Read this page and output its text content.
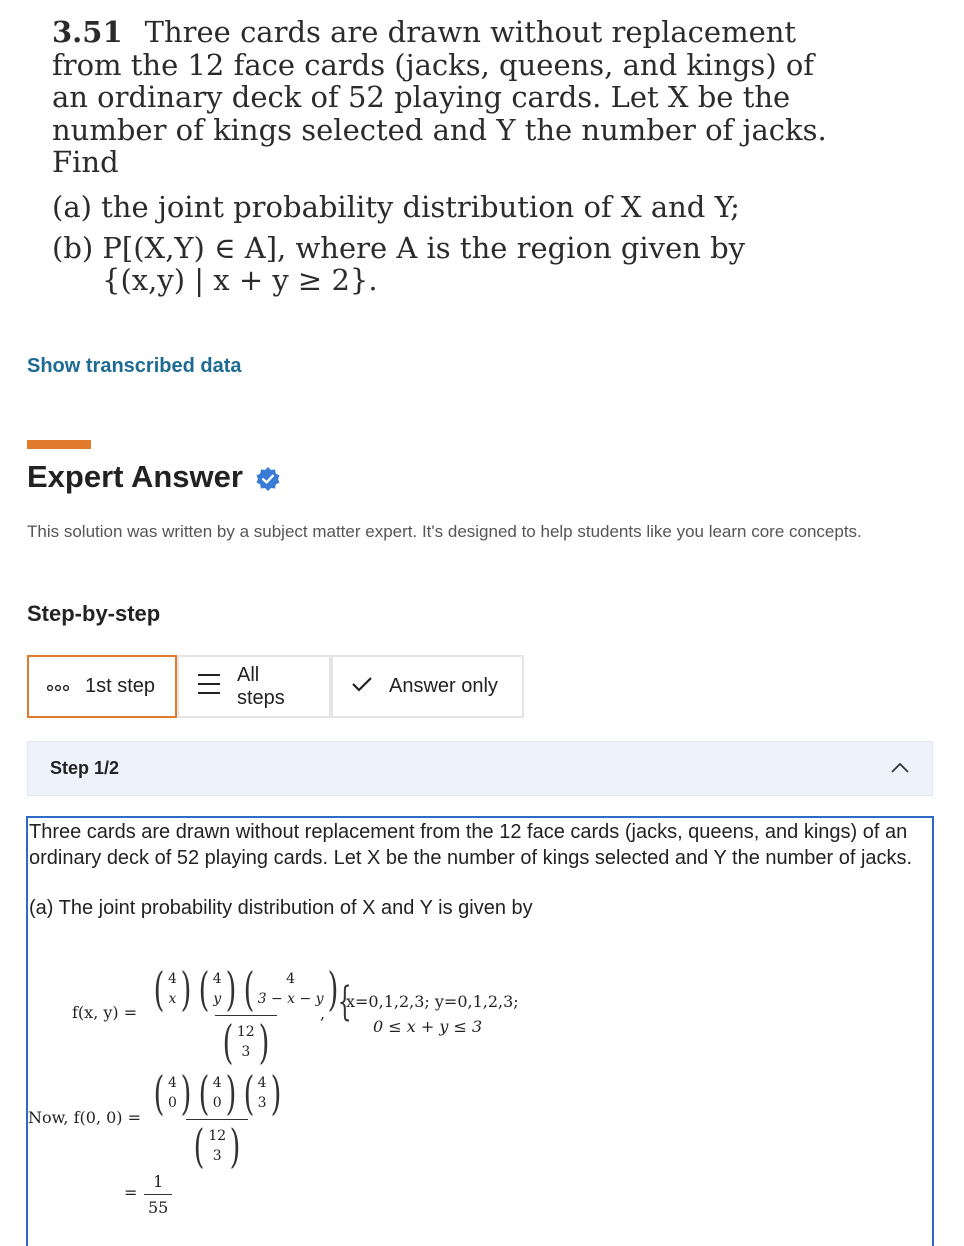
3.51 Three cards are drawn without replacement
from the 12 face cards (jacks, queens, and kings) of
an ordinary deck of 52 playing cards. Let X be the
number of kings selected and Y the number of jacks.
Find
(a) the joint probability distribution of X and Y;
(b) P[(X,Y) ∈ A], where A is the region given by
{(x,y) | x + y ≥ 2}.
Show transcribed data
Expert Answer
This solution was written by a subject matter expert. It's designed to help students like you learn core concepts.
Step-by-step
1st step
All steps
Answer only
Step 1/2

Three cards are drawn without replacement from the 12 face cards (jacks, queens, and kings) of an ordinary deck of 52 playing cards. Let X be the number of kings selected and Y the number of jacks.

(a) The joint probability distribution of X and Y is given by

f(x, y) = ( 4
x ) ( 4
y ) ( 4
3 − x − y )
( 12
3 )
, {
x=0,1,2,3; y=0,1,2,3;
0 ≤ x + y ≤ 3
Now, f(0, 0) = ( 4
0 ) ( 4
0 ) ( 4
3 )
( 12
3 )
= $\frac{1}{55}$
